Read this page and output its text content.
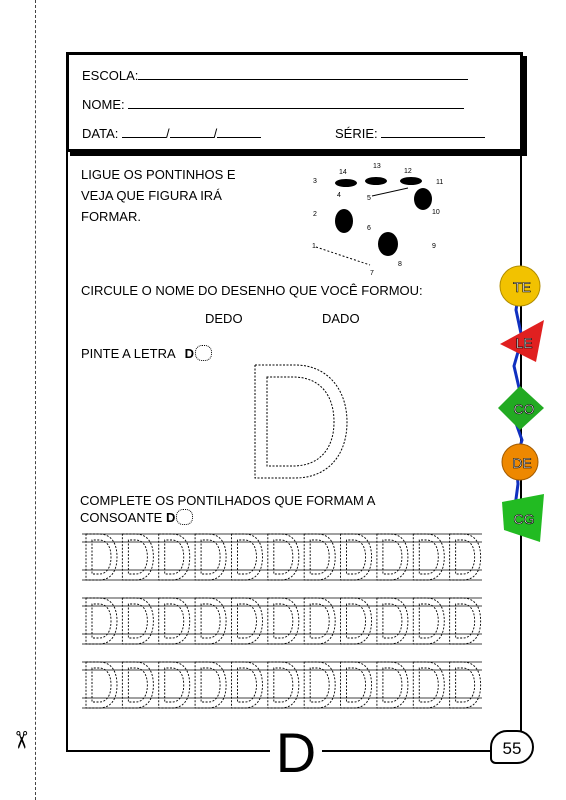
✂
ESCOLA:
NOME:
DATA:	/	/	SÉRIE:
LIGUE OS PONTINHOS E
VEJA QUE FIGURA IRÁ
FORMAR.
1
2
3
4	5
6
7
8
9
10
11
12
13
14
CIRCULE O NOME DO DESENHO QUE VOCÊ FORMOU:
DEDO	DADO
PINTE A LETRA D
COMPLETE OS PONTILHADOS QUE FORMAM A
CONSOANTE D
TE
LE
CO
DE
CG
D	55
